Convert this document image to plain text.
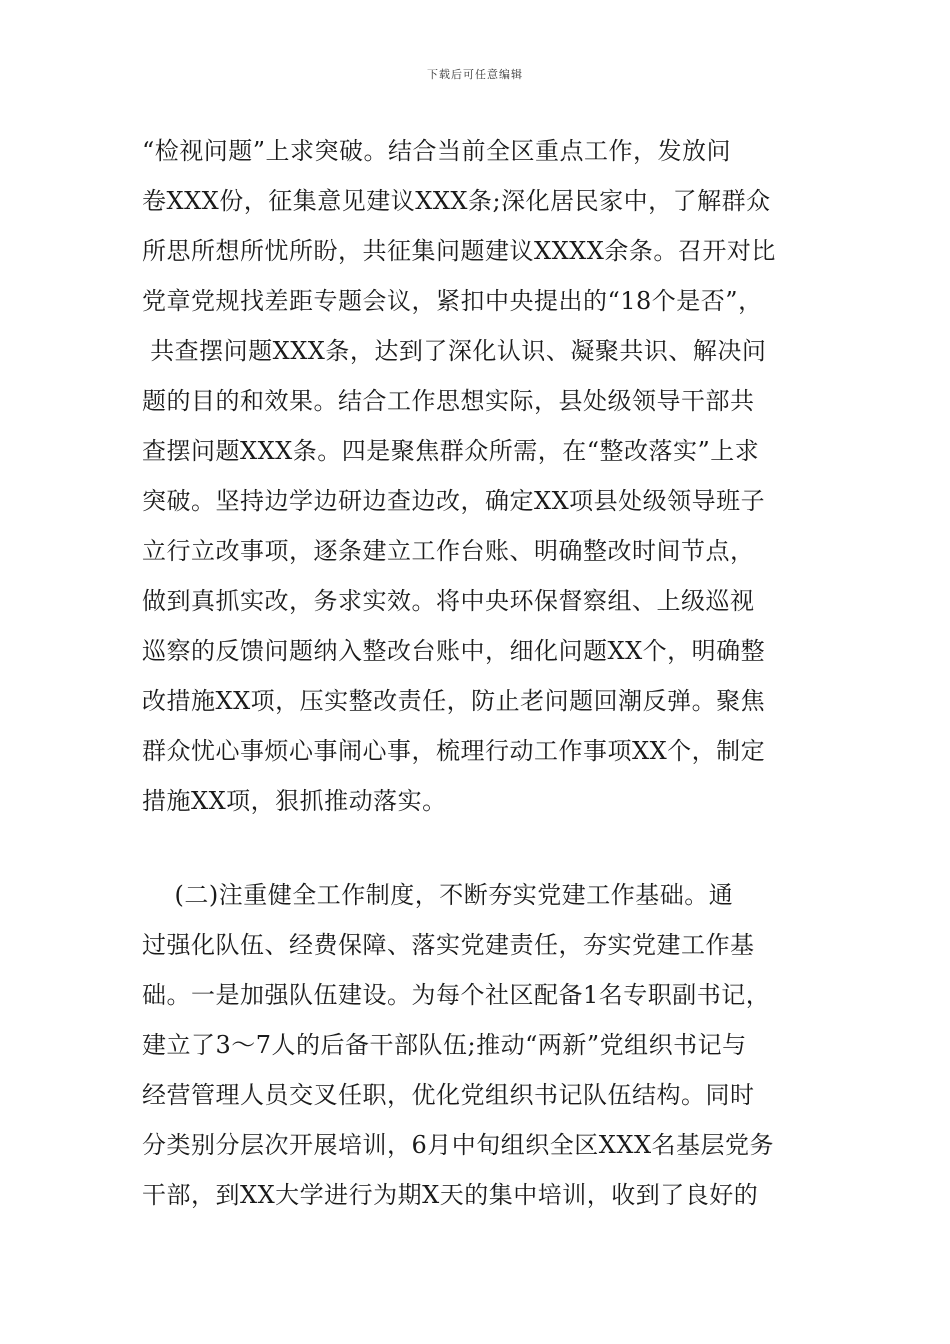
下载后可任意编辑
“检视问题”上求突破。结合当前全区重点工作，发放问
卷XXX份，征集意见建议XXX条;深化居民家中，了解群众
所思所想所忧所盼，共征集问题建议XXXX余条。召开对比
党章党规找差距专题会议，紧扣中央提出的“18个是否”，
共查摆问题XXX条，达到了深化认识、凝聚共识、解决问
题的目的和效果。结合工作思想实际，县处级领导干部共
查摆问题XXX条。四是聚焦群众所需，在“整改落实”上求
突破。坚持边学边研边查边改，确定XX项县处级领导班子
立行立改事项，逐条建立工作台账、明确整改时间节点，
做到真抓实改，务求实效。将中央环保督察组、上级巡视
巡察的反馈问题纳入整改台账中，细化问题XX个，明确整
改措施XX项，压实整改责任，防止老问题回潮反弹。聚焦
群众忧心事烦心事闹心事，梳理行动工作事项XX个，制定
措施XX项，狠抓推动落实。
(二)注重健全工作制度，不断夯实党建工作基础。通
过强化队伍、经费保障、落实党建责任，夯实党建工作基
础。一是加强队伍建设。为每个社区配备1名专职副书记，
建立了3～7人的后备干部队伍;推动“两新”党组织书记与
经营管理人员交叉任职，优化党组织书记队伍结构。同时
分类别分层次开展培训，6月中旬组织全区XXX名基层党务
干部，到XX大学进行为期X天的集中培训，收到了良好的
